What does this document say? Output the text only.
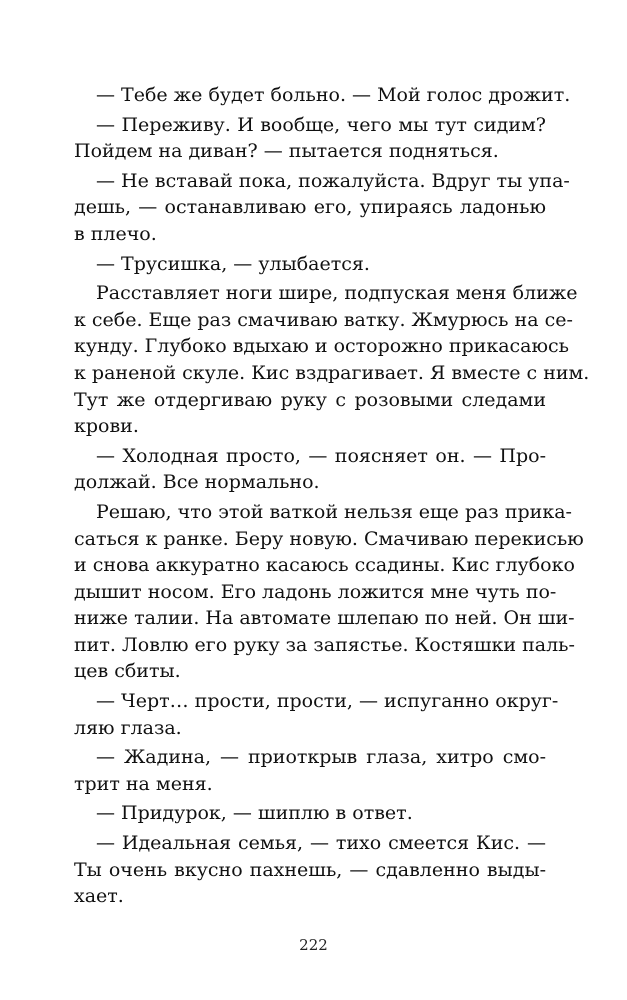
— Тебе же будет больно. — Мой голос дрожит.
— Переживу. И вообще, чего мы тут сидим?
Пойдем на диван? — пытается подняться.
— Не вставай пока, пожалуйста. Вдруг ты упа-
дешь, — останавливаю его, упираясь ладонью
в плечо.
— Трусишка, — улыбается.
Расставляет ноги шире, подпуская меня ближе
к себе. Еще раз смачиваю ватку. Жмурюсь на се-
кунду. Глубоко вдыхаю и осторожно прикасаюсь
к раненой скуле. Кис вздрагивает. Я вместе с ним.
Тут же отдергиваю руку с розовыми следами
крови.
— Холодная просто, — поясняет он. — Про-
должай. Все нормально.
Решаю, что этой ваткой нельзя еще раз прика-
саться к ранке. Беру новую. Смачиваю перекисью
и снова аккуратно касаюсь ссадины. Кис глубоко
дышит носом. Его ладонь ложится мне чуть по-
ниже талии. На автомате шлепаю по ней. Он ши-
пит. Ловлю его руку за запястье. Костяшки паль-
цев сбиты.
— Черт… прости, прости, — испуганно округ-
ляю глаза.
— Жадина, — приоткрыв глаза, хитро смо-
трит на меня.
— Придурок, — шиплю в ответ.
— Идеальная семья, — тихо смеется Кис. —
Ты очень вкусно пахнешь, — сдавленно выды-
хает.
222
